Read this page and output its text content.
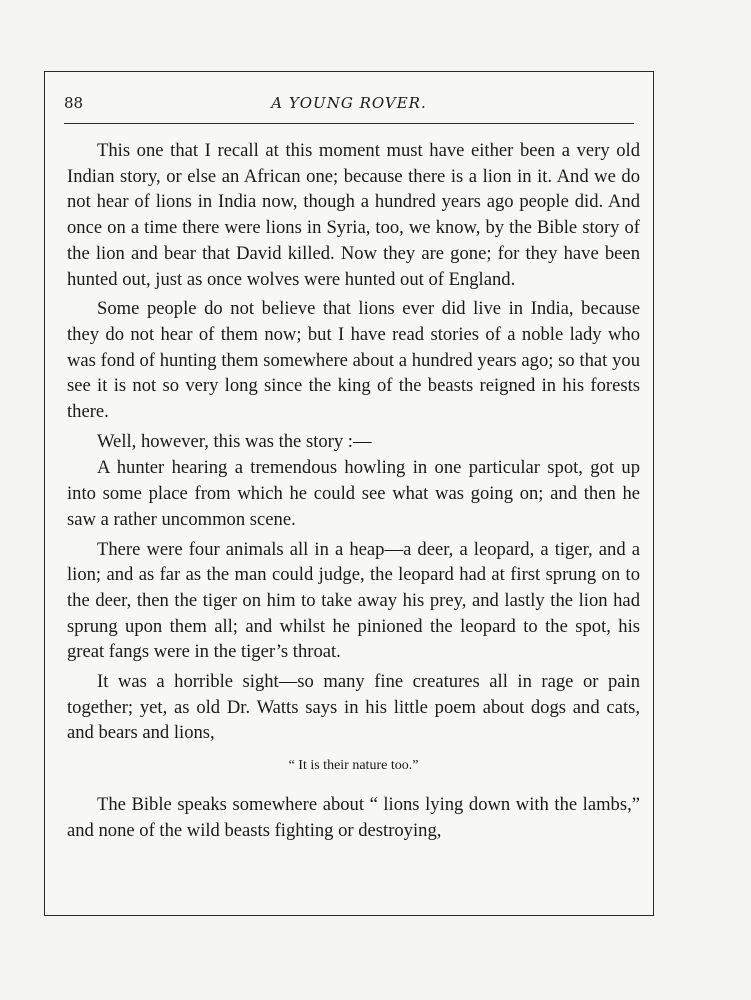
88	A YOUNG ROVER.

This one that I recall at this moment must have either been a very old Indian story, or else an African one; because there is a lion in it. And we do not hear of lions in India now, though a hundred years ago people did. And once on a time there were lions in Syria, too, we know, by the Bible story of the lion and bear that David killed. Now they are gone; for they have been hunted out, just as once wolves were hunted out of England.

Some people do not believe that lions ever did live in India, because they do not hear of them now; but I have read stories of a noble lady who was fond of hunting them somewhere about a hundred years ago; so that you see it is not so very long since the king of the beasts reigned in his forests there.

Well, however, this was the story :—

A hunter hearing a tremendous howling in one particular spot, got up into some place from which he could see what was going on; and then he saw a rather uncommon scene.

There were four animals all in a heap—a deer, a leopard, a tiger, and a lion; and as far as the man could judge, the leopard had at first sprung on to the deer, then the tiger on him to take away his prey, and lastly the lion had sprung upon them all; and whilst he pinioned the leopard to the spot, his great fangs were in the tiger’s throat.

It was a horrible sight—so many fine creatures all in rage or pain together; yet, as old Dr. Watts says in his little poem about dogs and cats, and bears and lions,

“ It is their nature too.”

The Bible speaks somewhere about “ lions lying down with the lambs,” and none of the wild beasts fighting or destroying,
